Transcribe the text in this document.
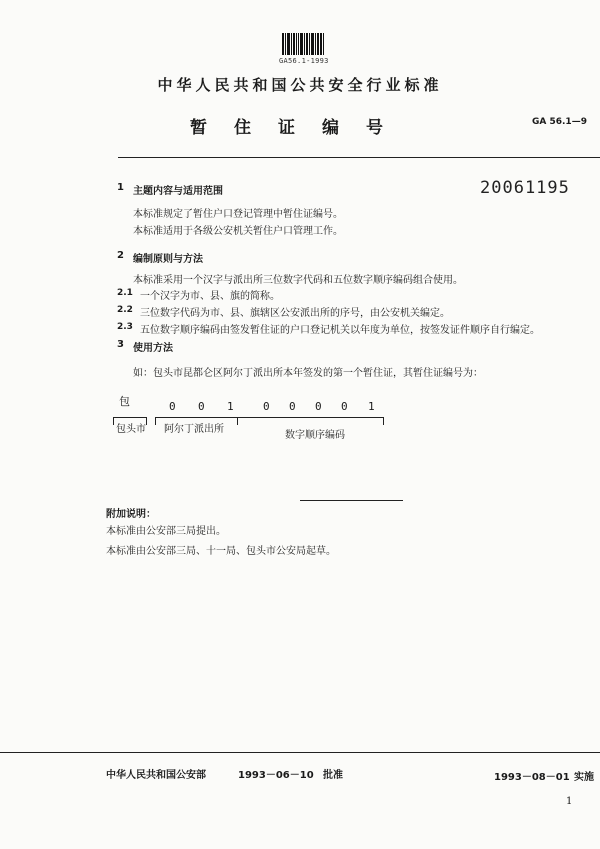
GA56.1-1993
中华人民共和国公共安全行业标准
暂住证编号	GA 56.1—9
20061195
1 主题内容与适用范围
本标准规定了暂住户口登记管理中暂住证编号。
本标准适用于各级公安机关暂住户口管理工作。
2 编制原则与方法
本标准采用一个汉字与派出所三位数字代码和五位数字顺序编码组合使用。
2.1 一个汉字为市、县、旗的简称。
2.2 三位数字代码为市、县、旗辖区公安派出所的序号，由公安机关编定。
2.3 五位数字顺序编码由签发暂住证的户口登记机关以年度为单位，按签发证件顺序自行编定。
3 使用方法
如：包头市昆都仑区阿尔丁派出所本年签发的第一个暂住证，其暂住证编号为：
包	0 0 1	0 0 0 0 1
包头市 阿尔丁派出所
数字顺序编码
附加说明：
本标准由公安部三局提出。
本标准由公安部三局、十一局、包头市公安局起草。
中华人民共和国公安部	1993－06－10 批准	1993－08－01 实施
1
